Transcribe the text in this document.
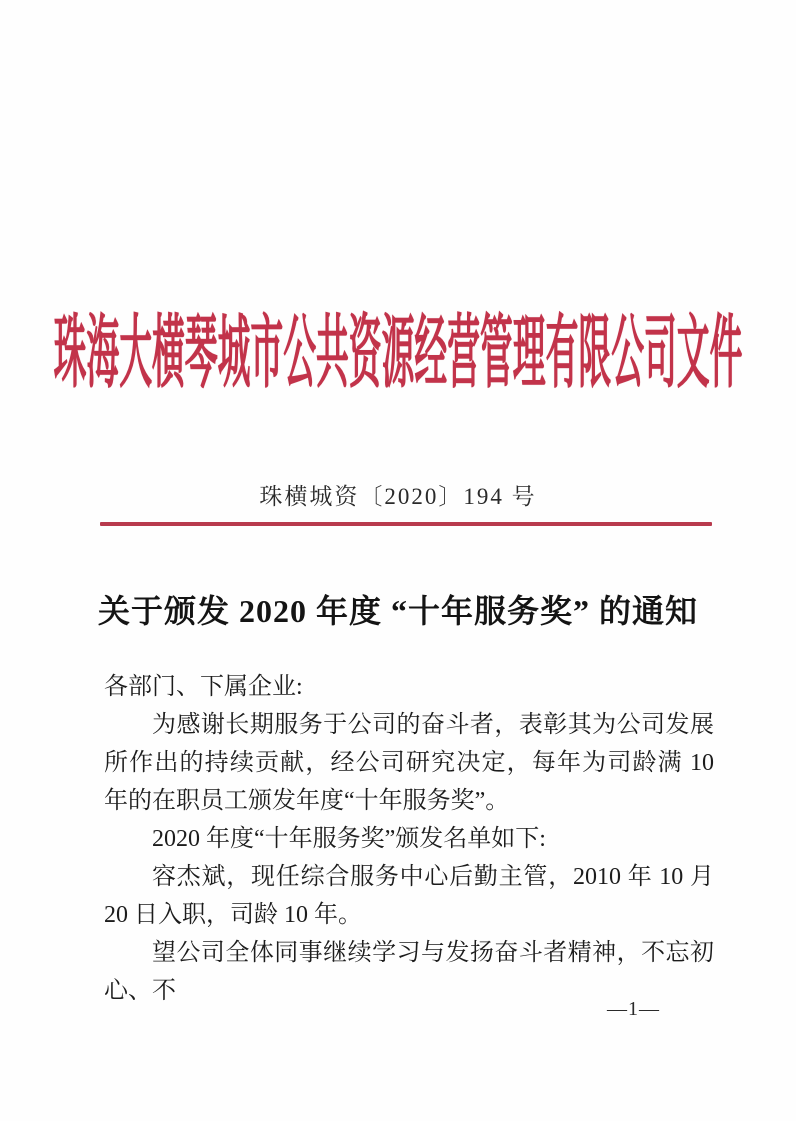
珠海大横琴城市公共资源经营管理有限公司文件
珠横城资〔2020〕194 号
关于颁发 2020 年度 “十年服务奖” 的通知

各部门、下属企业:

为感谢长期服务于公司的奋斗者，表彰其为公司发展所作出的持续贡献，经公司研究决定，每年为司龄满 10 年的在职员工颁发年度“十年服务奖”。

2020 年度“十年服务奖”颁发名单如下:

容杰斌，现任综合服务中心后勤主管，2010 年 10 月 20 日入职，司龄 10 年。

望公司全体同事继续学习与发扬奋斗者精神，不忘初心、不

—1—
